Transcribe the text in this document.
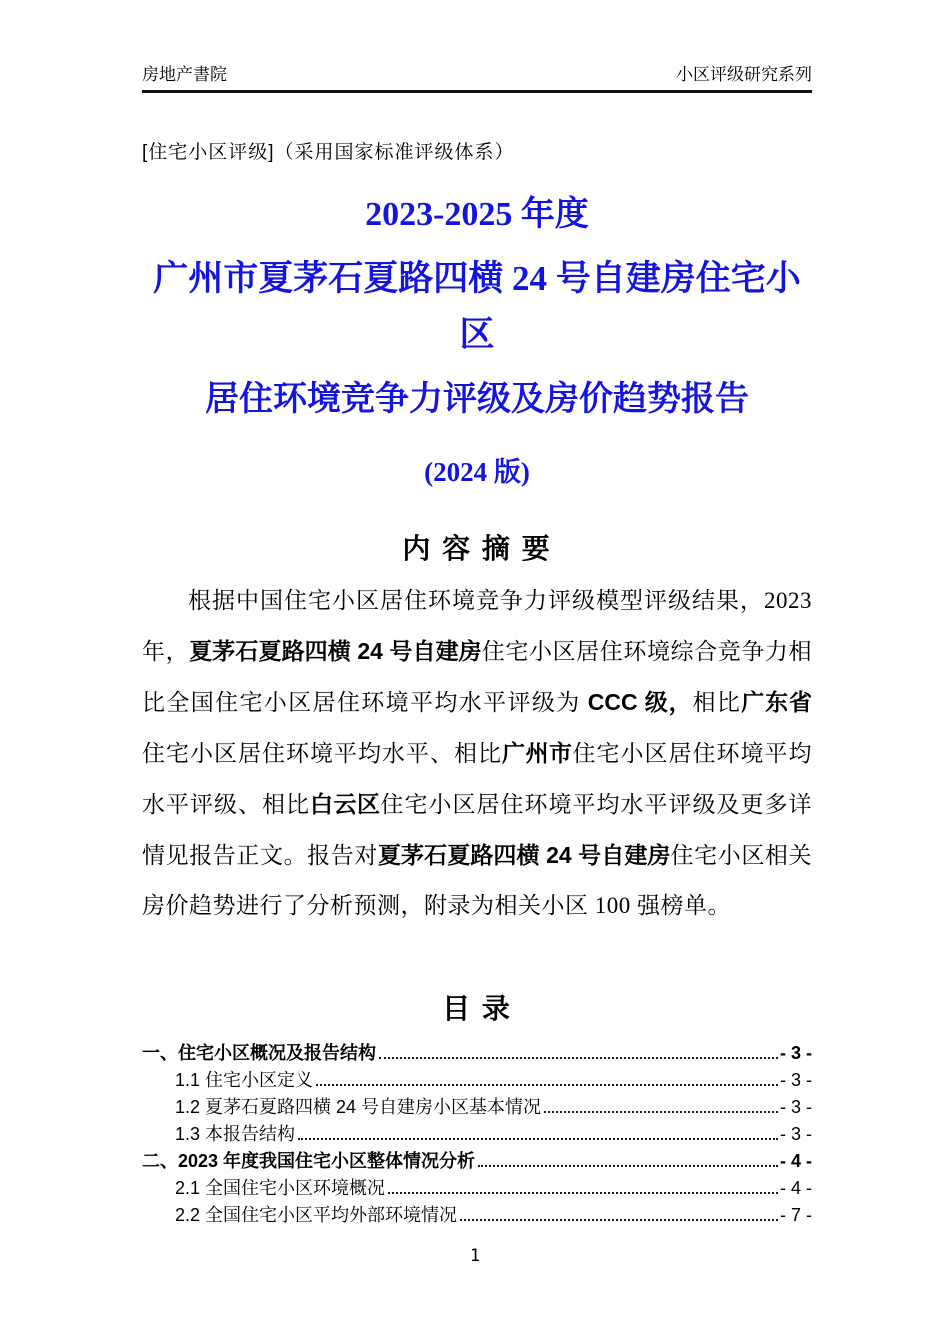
房地产書院	小区评级研究系列
[住宅小区评级]（采用国家标准评级体系）
2023-2025 年度
广州市夏茅石夏路四横 24 号自建房住宅小区
居住环境竞争力评级及房价趋势报告
(2024 版)
内 容 摘 要
根据中国住宅小区居住环境竞争力评级模型评级结果，2023 年，夏茅石夏路四横 24 号自建房住宅小区居住环境综合竞争力相比全国住宅小区居住环境平均水平评级为 CCC 级，相比广东省住宅小区居住环境平均水平、相比广州市住宅小区居住环境平均水平评级、相比白云区住宅小区居住环境平均水平评级及更多详情见报告正文。报告对夏茅石夏路四横 24 号自建房住宅小区相关房价趋势进行了分析预测，附录为相关小区 100 强榜单。
目 录
一、住宅小区概况及报告结构	- 3 -
1.1 住宅小区定义	- 3 -
1.2 夏茅石夏路四横 24 号自建房小区基本情况	- 3 -
1.3 本报告结构	- 3 -
二、2023 年度我国住宅小区整体情况分析	- 4 -
2.1 全国住宅小区环境概况	- 4 -
2.2 全国住宅小区平均外部环境情况	- 7 -
1
